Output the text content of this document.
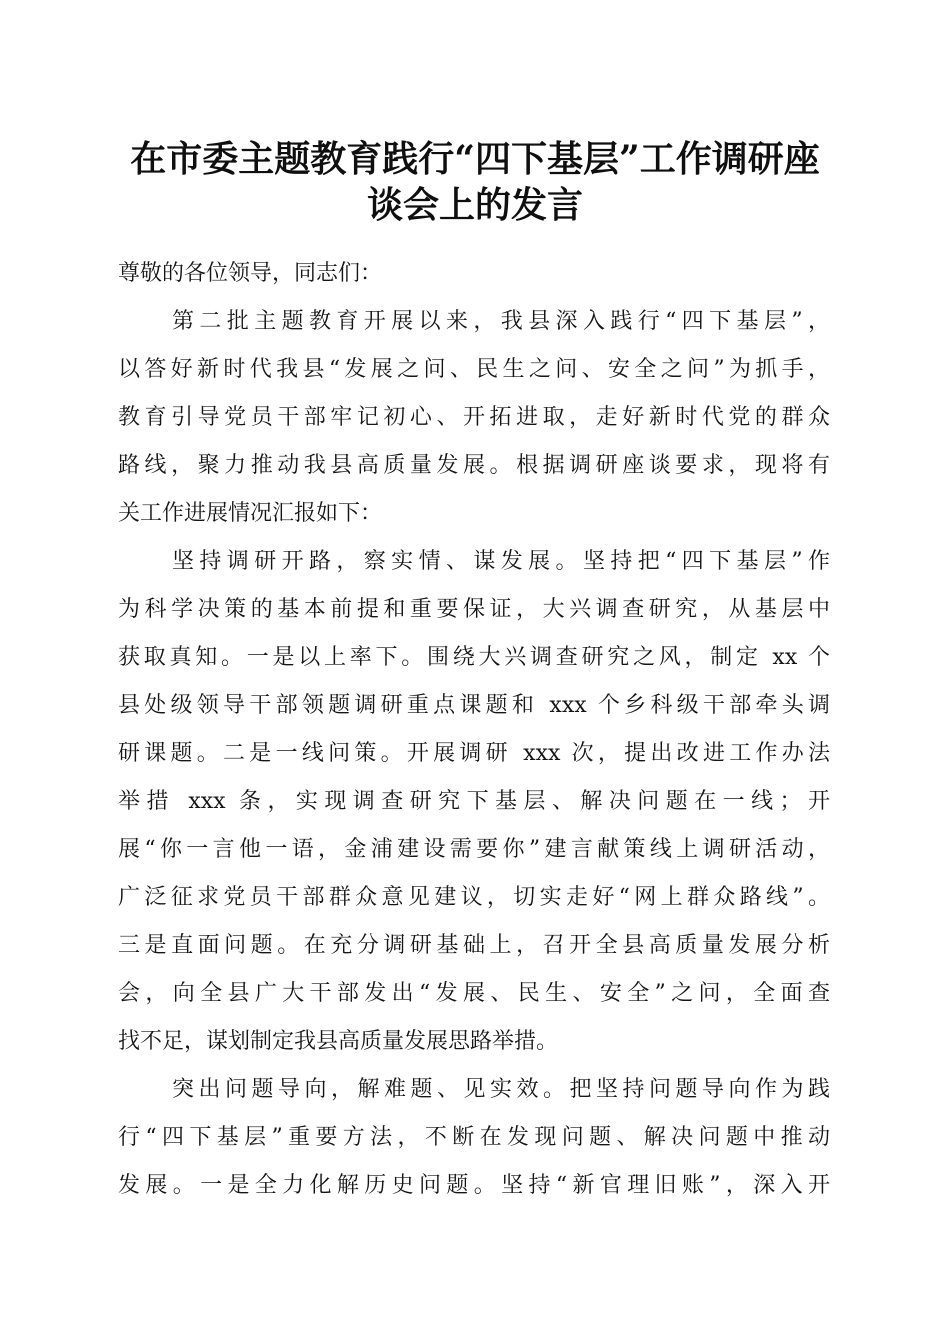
在市委主题教育践行“四下基层”工作调研座
谈会上的发言
尊敬的各位领导，同志们：
第二批主题教育开展以来，我县深入践行“四下基层”，
以答好新时代我县“发展之问、民生之问、安全之问”为抓手，
教育引导党员干部牢记初心、开拓进取，走好新时代党的群众
路线，聚力推动我县高质量发展。根据调研座谈要求，现将有
关工作进展情况汇报如下：
坚持调研开路，察实情、谋发展。坚持把“四下基层”作
为科学决策的基本前提和重要保证，大兴调查研究，从基层中
获取真知。一是以上率下。围绕大兴调查研究之风，制定 xx 个
县处级领导干部领题调研重点课题和 xxx 个乡科级干部牵头调
研课题。二是一线问策。开展调研 xxx 次，提出改进工作办法
举措 xxx 条，实现调查研究下基层、解决问题在一线；开
展“你一言他一语，金浦建设需要你”建言献策线上调研活动，
广泛征求党员干部群众意见建议，切实走好“网上群众路线”。
三是直面问题。在充分调研基础上，召开全县高质量发展分析
会，向全县广大干部发出“发展、民生、安全”之问，全面查
找不足，谋划制定我县高质量发展思路举措。
突出问题导向，解难题、见实效。把坚持问题导向作为践
行“四下基层”重要方法，不断在发现问题、解决问题中推动
发展。一是全力化解历史问题。坚持“新官理旧账”，深入开
